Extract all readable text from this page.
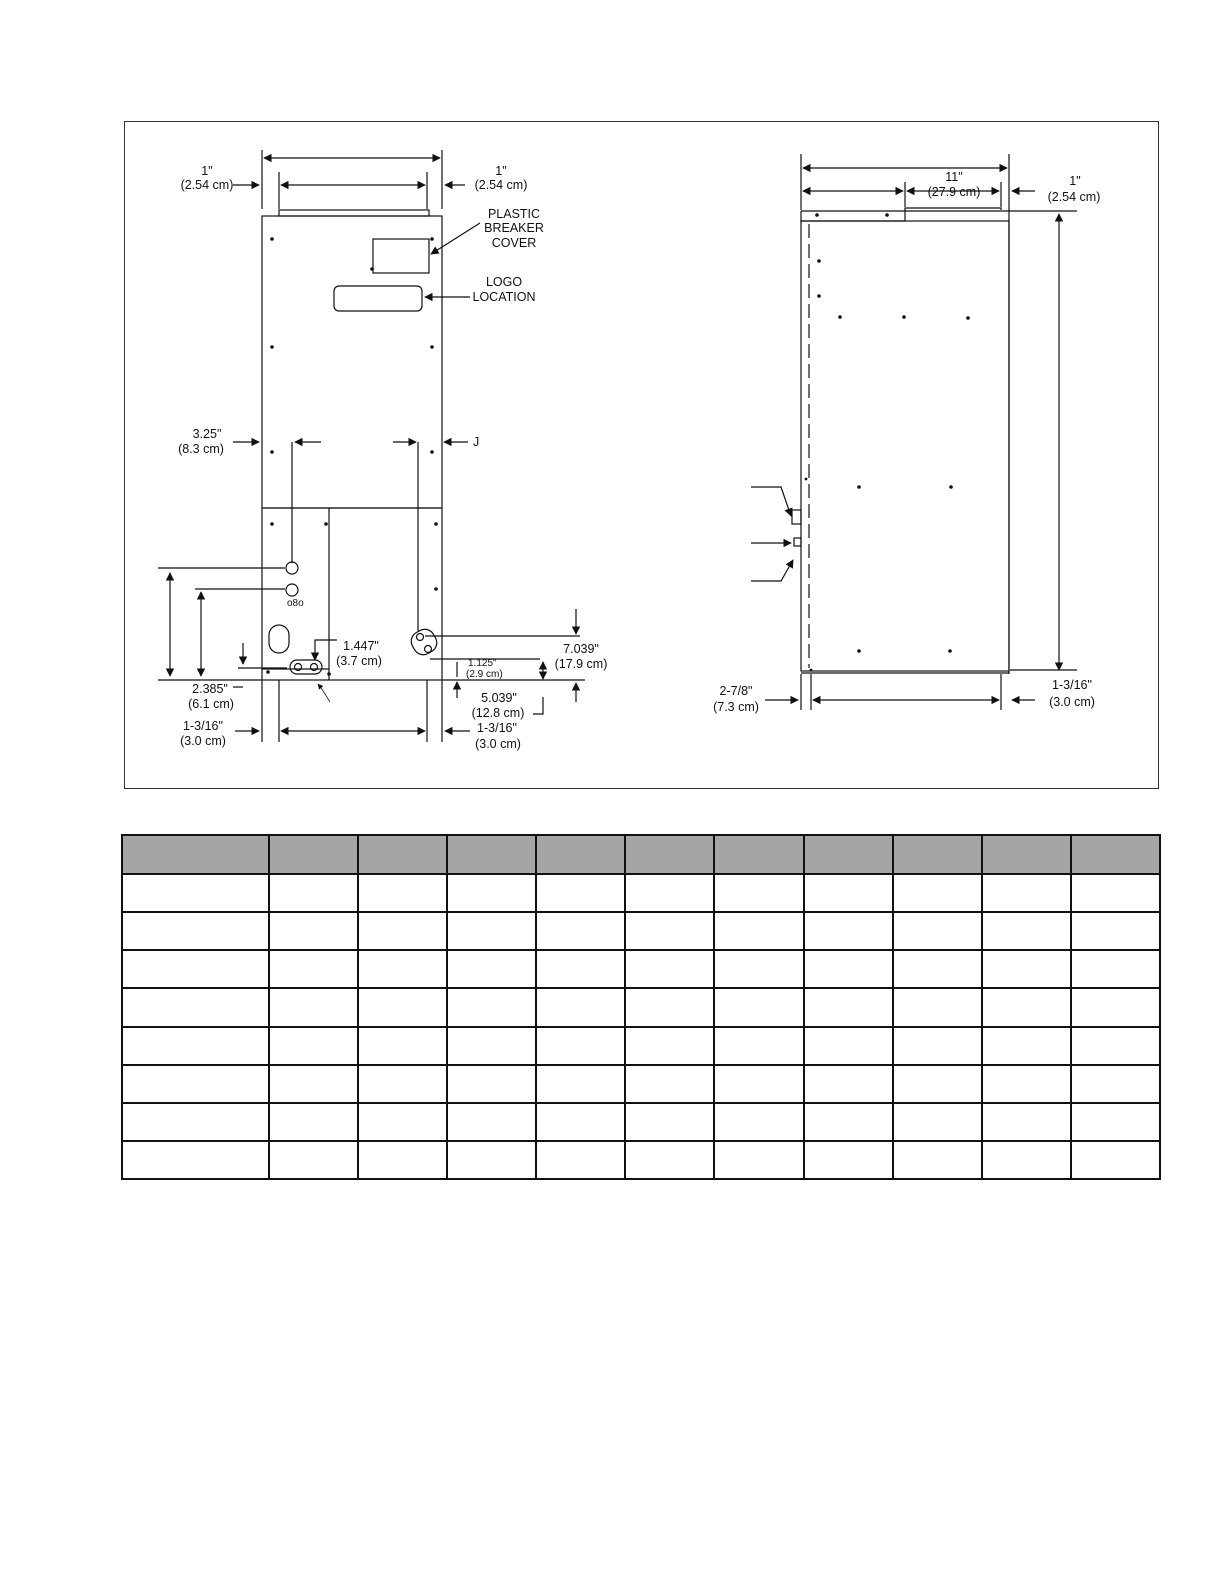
o8o
1"
(2.54 cm)
1"
(2.54 cm)
PLASTIC
BREAKER
COVER
LOGO
LOCATION
3.25"
(8.3 cm)	J
1.447"
(3.7 cm)
7.039"
(17.9 cm)
1.125"
(2.9 cm)
5.039"
(12.8 cm)
2.385"
(6.1 cm)
1-3/16"
(3.0 cm)
1-3/16"
(3.0 cm)
11"
(27.9 cm)
1"
(2.54 cm)
2-7/8"
(7.3 cm)
1-3/16"
(3.0 cm)
